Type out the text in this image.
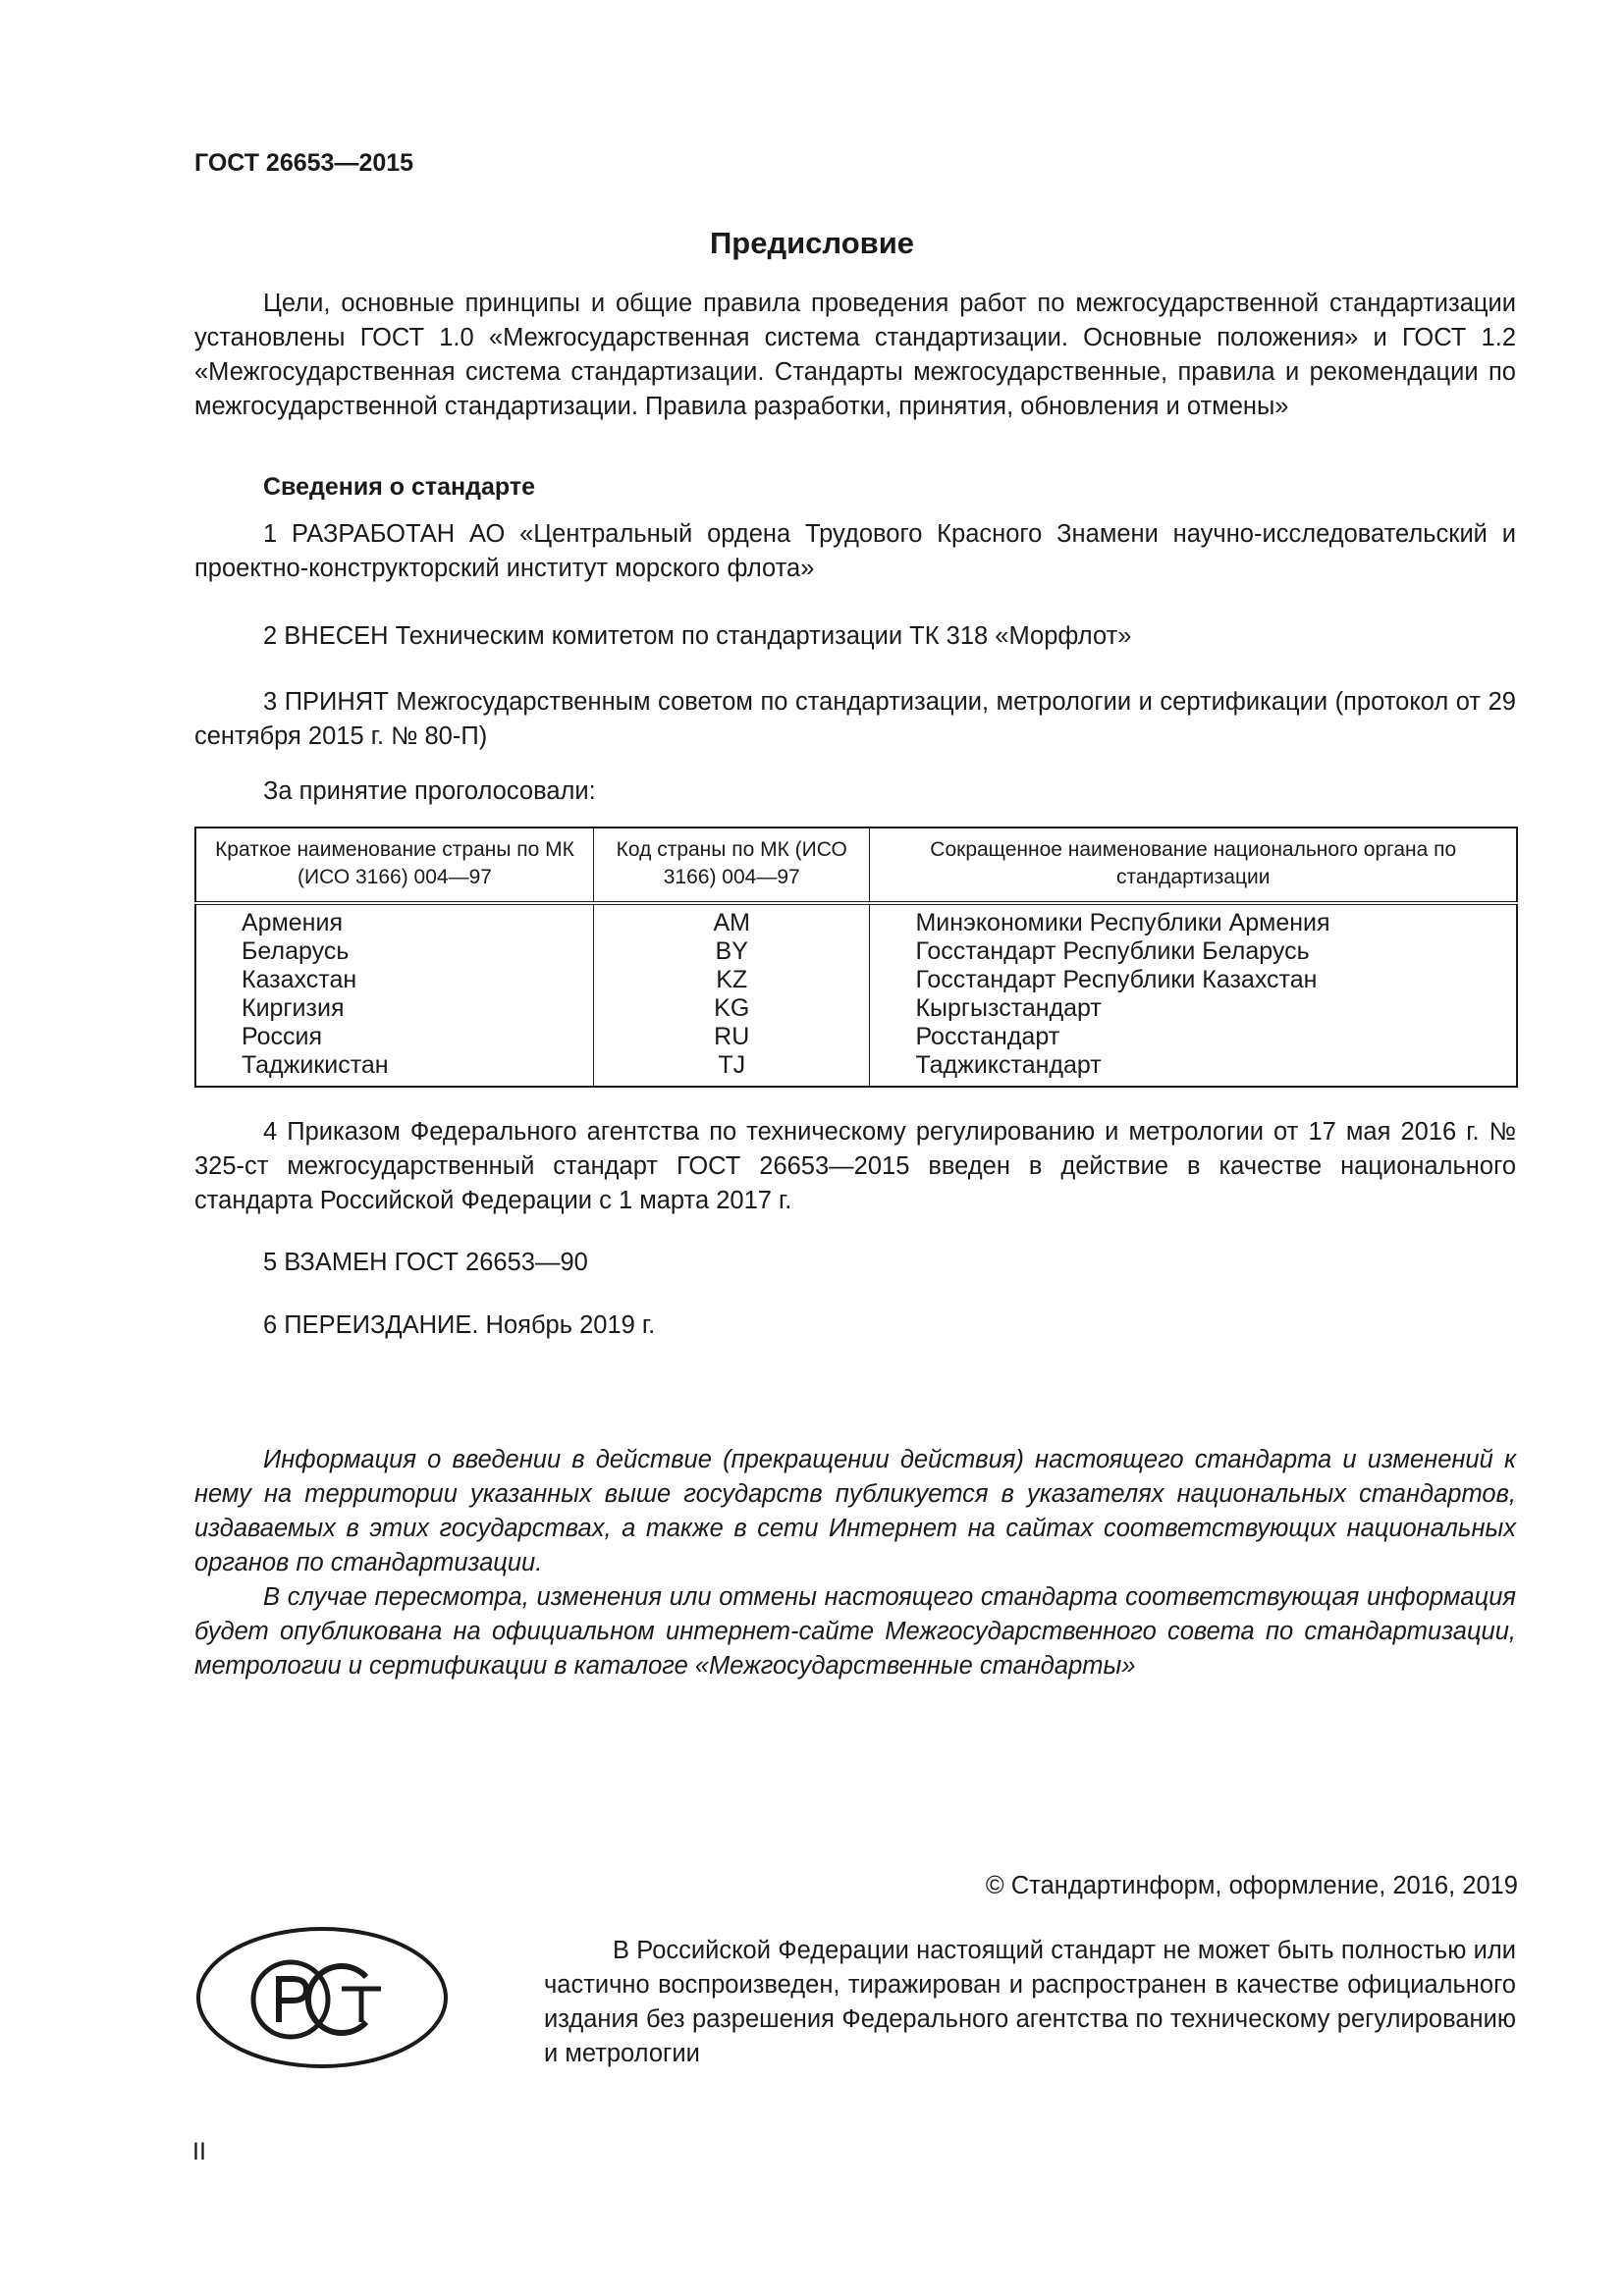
ГОСТ 26653—2015
Предисловие

Цели, основные принципы и общие правила проведения работ по межгосударственной стандартизации установлены ГОСТ 1.0 «Межгосударственная система стандартизации. Основные положения» и ГОСТ 1.2 «Межгосударственная система стандартизации. Стандарты межгосударственные, правила и рекомендации по межгосударственной стандартизации. Правила разработки, принятия, обновления и отмены»

Сведения о стандарте

1 РАЗРАБОТАН АО «Центральный ордена Трудового Красного Знамени научно-исследовательский и проектно-конструкторский институт морского флота»

2 ВНЕСЕН Техническим комитетом по стандартизации ТК 318 «Морфлот»

3 ПРИНЯТ Межгосударственным советом по стандартизации, метрологии и сертификации (протокол от 29 сентября 2015 г. № 80-П)

За принятие проголосовали:
Краткое наименование страны по МК (ИСО 3166) 004—97	Код страны по МК (ИСО 3166) 004—97	Сокращенное наименование национального органа по стандартизации
Армения	AM	Минэкономики Республики Армения
Беларусь	BY	Госстандарт Республики Беларусь
Казахстан	KZ	Госстандарт Республики Казахстан
Киргизия	KG	Кыргызстандарт
Россия	RU	Росстандарт
Таджикистан	TJ	Таджикстандарт

4 Приказом Федерального агентства по техническому регулированию и метрологии от 17 мая 2016 г. № 325-ст межгосударственный стандарт ГОСТ 26653—2015 введен в действие в качестве национального стандарта Российской Федерации с 1 марта 2017 г.

5 ВЗАМЕН ГОСТ 26653—90
6 ПЕРЕИЗДАНИЕ. Ноябрь 2019 г.

Информация о введении в действие (прекращении действия) настоящего стандарта и изменений к нему на территории указанных выше государств публикуется в указателях национальных стандартов, издаваемых в этих государствах, а также в сети Интернет на сайтах соответствующих национальных органов по стандартизации.

В случае пересмотра, изменения или отмены настоящего стандарта соответствующая информация будет опубликована на официальном интернет-сайте Межгосударственного совета по стандартизации, метрологии и сертификации в каталоге «Межгосударственные стандарты»

© Стандартинформ, оформление, 2016, 2019

В Российской Федерации настоящий стандарт не может быть полностью или частично воспроизведен, тиражирован и распространен в качестве официального издания без разрешения Федерального агентства по техническому регулированию и метрологии

II
